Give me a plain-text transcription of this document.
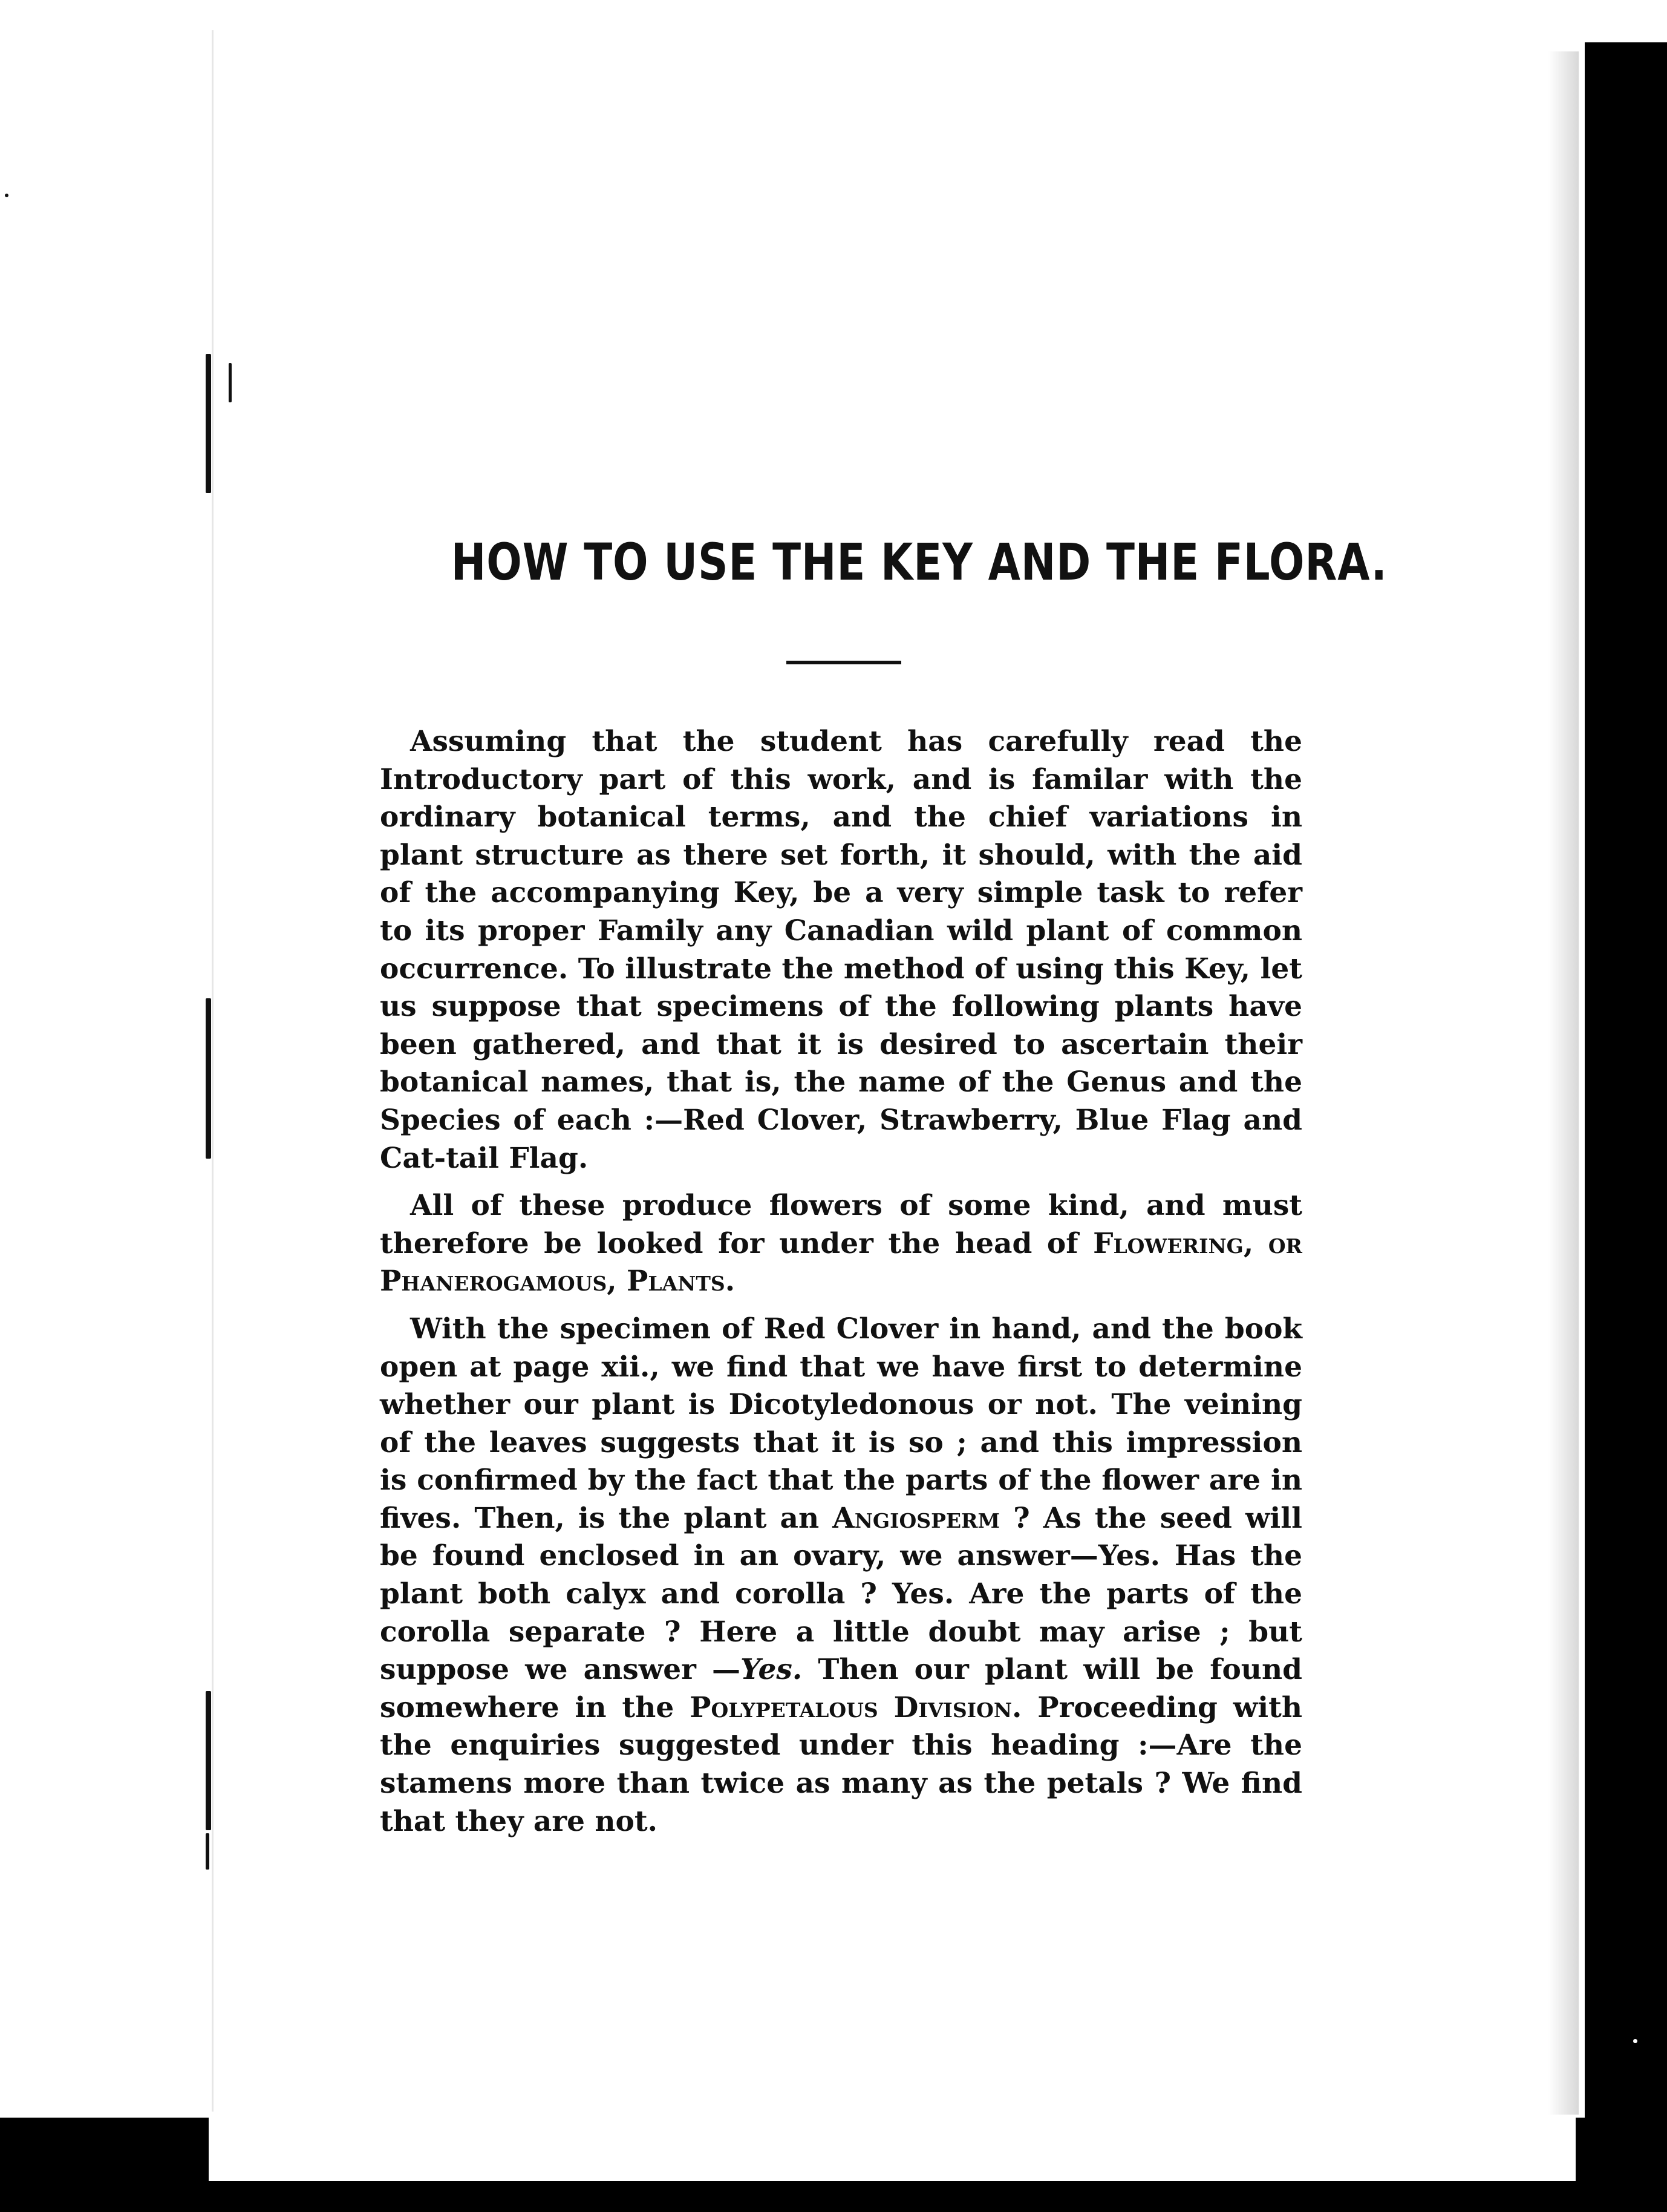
HOW TO USE THE KEY AND THE FLORA.

Assuming that the student has carefully read the Introductory part of this work, and is familar with the ordinary botanical terms, and the chief variations in plant structure as there set forth, it should, with the aid of the accompanying Key, be a very simple task to refer to its proper Family any Canadian wild plant of common occurrence. To illustrate the method of using this Key, let us suppose that specimens of the following plants have been gathered, and that it is desired to ascertain their botanical names, that is, the name of the Genus and the Species of each :—Red Clover, Strawberry, Blue Flag and Cat-tail Flag.

All of these produce flowers of some kind, and must therefore be looked for under the head of Flowering, or Phanerogamous, Plants.

With the specimen of Red Clover in hand, and the book open at page xii., we find that we have first to determine whether our plant is Dicotyledonous or not. The veining of the leaves suggests that it is so ; and this impression is confirmed by the fact that the parts of the flower are in fives. Then, is the plant an Angiosperm ? As the seed will be found enclosed in an ovary, we answer—Yes. Has the plant both calyx and corolla ? Yes. Are the parts of the corolla separate ? Here a little doubt may arise ; but suppose we answer —Yes. Then our plant will be found somewhere in the Polypetalous Division. Proceeding with the enquiries suggested under this heading :—Are the stamens more than twice as many as the petals ? We find that they are not.
